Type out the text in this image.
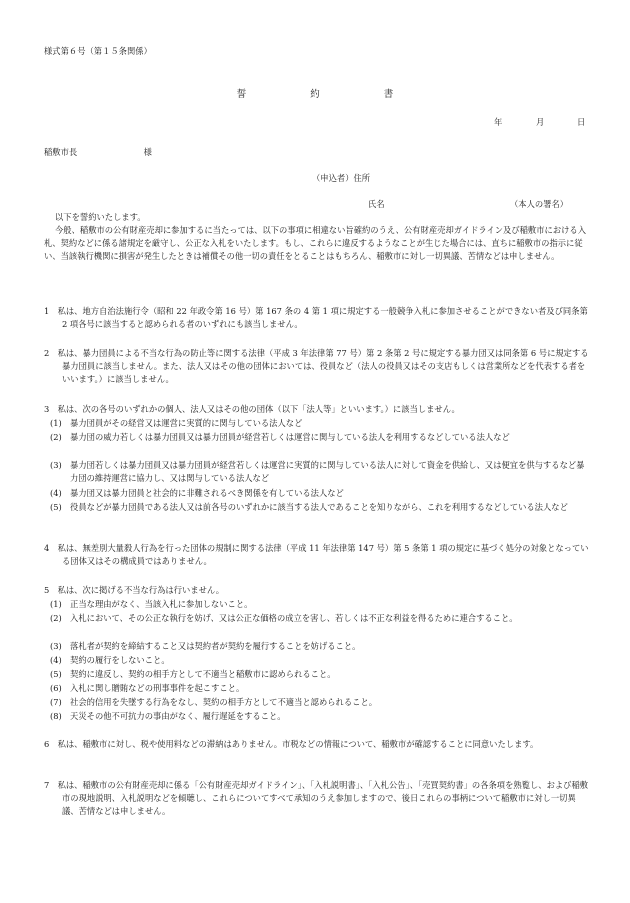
様式第６号（第１５条関係）
誓	約	書
年	月	日
稲敷市長　　　　　　　　様
（申込者）住所
氏名	（本人の署名）
以下を誓約いたします。
今般、稲敷市の公有財産売却に参加するに当たっては、以下の事項に相違ない旨確約のうえ、公有財産売却ガイドライン及び稲敷市における入札、契約などに係る諸規定を厳守し、公正な入札をいたします。もし、これらに違反するようなことが生じた場合には、直ちに稲敷市の指示に従い、当該執行機関に損害が発生したときは補償その他一切の責任をとることはもちろん、稲敷市に対し一切異議、苦情などは申しません。
1　私は、地方自治法施行令（昭和 22 年政令第 16 号）第 167 条の 4 第 1 項に規定する一般競争入札に参加させることができない者及び同条第 2 項各号に該当すると認められる者のいずれにも該当しません。
2　私は、暴力団員による不当な行為の防止等に関する法律（平成 3 年法律第 77 号）第 2 条第 2 号に規定する暴力団又は同条第 6 号に規定する暴力団員に該当しません。また、法人又はその他の団体においては、役員など（法人の役員又はその支店もしくは営業所などを代表する者をいいます。）に該当しません。
3　私は、次の各号のいずれかの個人、法人又はその他の団体（以下「法人等」といいます。）に該当しません。
(1)　暴力団員がその経営又は運営に実質的に関与している法人など
(2)　暴力団の威力若しくは暴力団員又は暴力団員が経営若しくは運営に関与している法人を利用するなどしている法人など
(3)　暴力団若しくは暴力団員又は暴力団員が経営若しくは運営に実質的に関与している法人に対して資金を供給し、又は便宜を供与するなど暴力団の維持運営に協力し、又は関与している法人など
(4)　暴力団又は暴力団員と社会的に非難されるべき関係を有している法人など
(5)　役員などが暴力団員である法人又は前各号のいずれかに該当する法人であることを知りながら、これを利用するなどしている法人など
4　私は、無差別大量殺人行為を行った団体の規制に関する法律（平成 11 年法律第 147 号）第 5 条第 1 項の規定に基づく処分の対象となっている団体又はその構成員ではありません。
5　私は、次に掲げる不当な行為は行いません。
(1)　正当な理由がなく、当該入札に参加しないこと。
(2)　入札において、その公正な執行を妨げ、又は公正な価格の成立を害し、若しくは不正な利益を得るために連合すること。
(3)　落札者が契約を締結すること又は契約者が契約を履行することを妨げること。
(4)　契約の履行をしないこと。
(5)　契約に違反し、契約の相手方として不適当と稲敷市に認められること。
(6)　入札に関し贈賄などの刑事事件を起こすこと。
(7)　社会的信用を失墜する行為をなし、契約の相手方として不適当と認められること。
(8)　天災その他不可抗力の事由がなく、履行遅延をすること。
6　私は、稲敷市に対し、税や使用料などの滞納はありません。市税などの情報について、稲敷市が確認することに同意いたします。
7　私は、稲敷市の公有財産売却に係る「公有財産売却ガイドライン」、「入札説明書」、「入札公告」、「売買契約書」の各条項を熟覧し、および稲敷市の現地説明、入札説明などを傾聴し、これらについてすべて承知のうえ参加しますので、後日これらの事柄について稲敷市に対し一切異議、苦情などは申しません。
